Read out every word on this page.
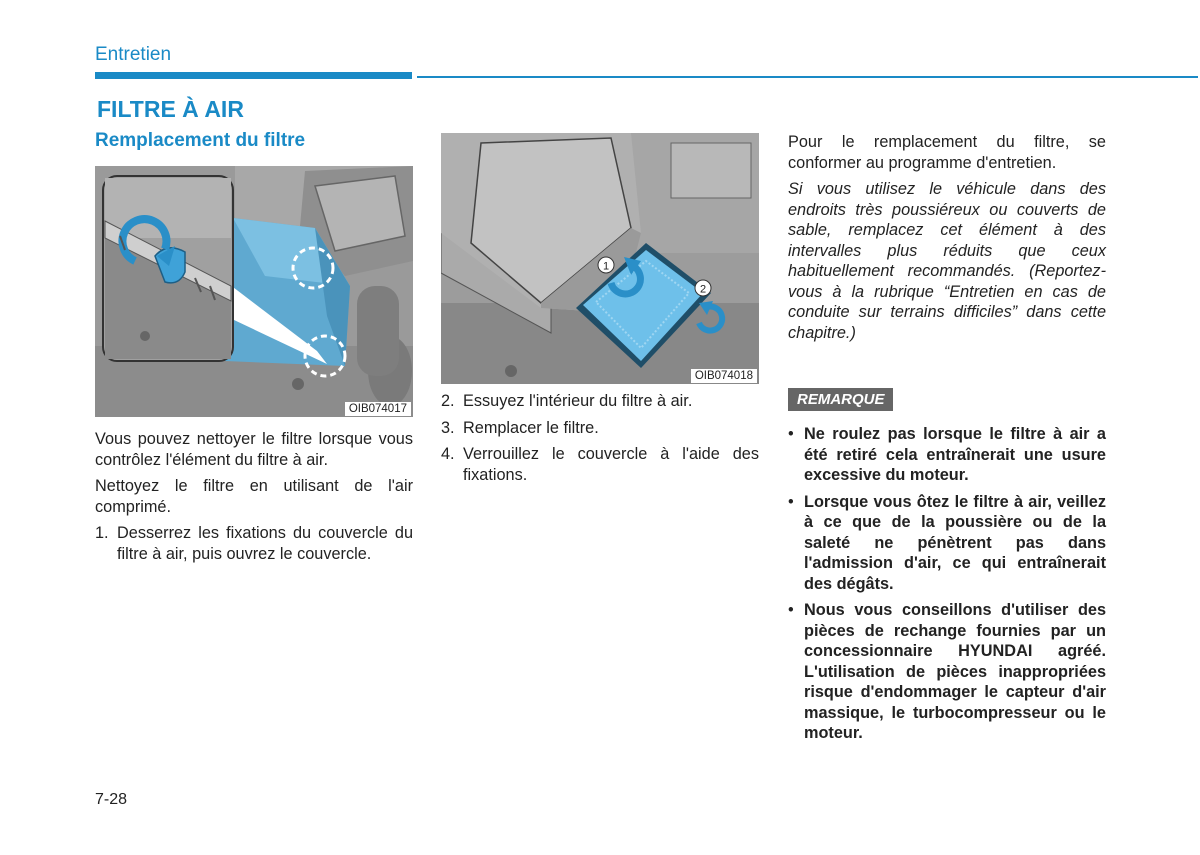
Entretien
FILTRE À AIR
Remplacement du filtre
OIB074017
1
2
OIB074018

Vous pouvez nettoyer le filtre lorsque vous contrôlez l'élément du filtre à air.

Nettoyez le filtre en utilisant de l'air comprimé.

1. Desserrez les fixations du couvercle du filtre à air, puis ouvrez le couvercle.
2. Essuyez l'intérieur du filtre à air.
3. Remplacer le filtre.
4. Verrouillez le couvercle à l'aide des fixations.

Pour le remplacement du filtre, se conformer au programme d'entretien.

Si vous utilisez le véhicule dans des endroits très poussiéreux ou couverts de sable, remplacez cet élément à des intervalles plus réduits que ceux habituellement recommandés. (Reportez-vous à la rubrique “Entretien en cas de conduite sur terrains difficiles” dans cette chapitre.)

REMARQUE
• Ne roulez pas lorsque le filtre à air a été retiré cela entraînerait une usure excessive du moteur.
• Lorsque vous ôtez le filtre à air, veillez à ce que de la poussière ou de la saleté ne pénètrent pas dans l'admission d'air, ce qui entraînerait des dégâts.
• Nous vous conseillons d'utiliser des pièces de rechange fournies par un concessionnaire HYUNDAI agréé. L'utilisation de pièces inappropriées risque d'endommager le capteur d'air massique, le turbocompresseur ou le moteur.
7-28
